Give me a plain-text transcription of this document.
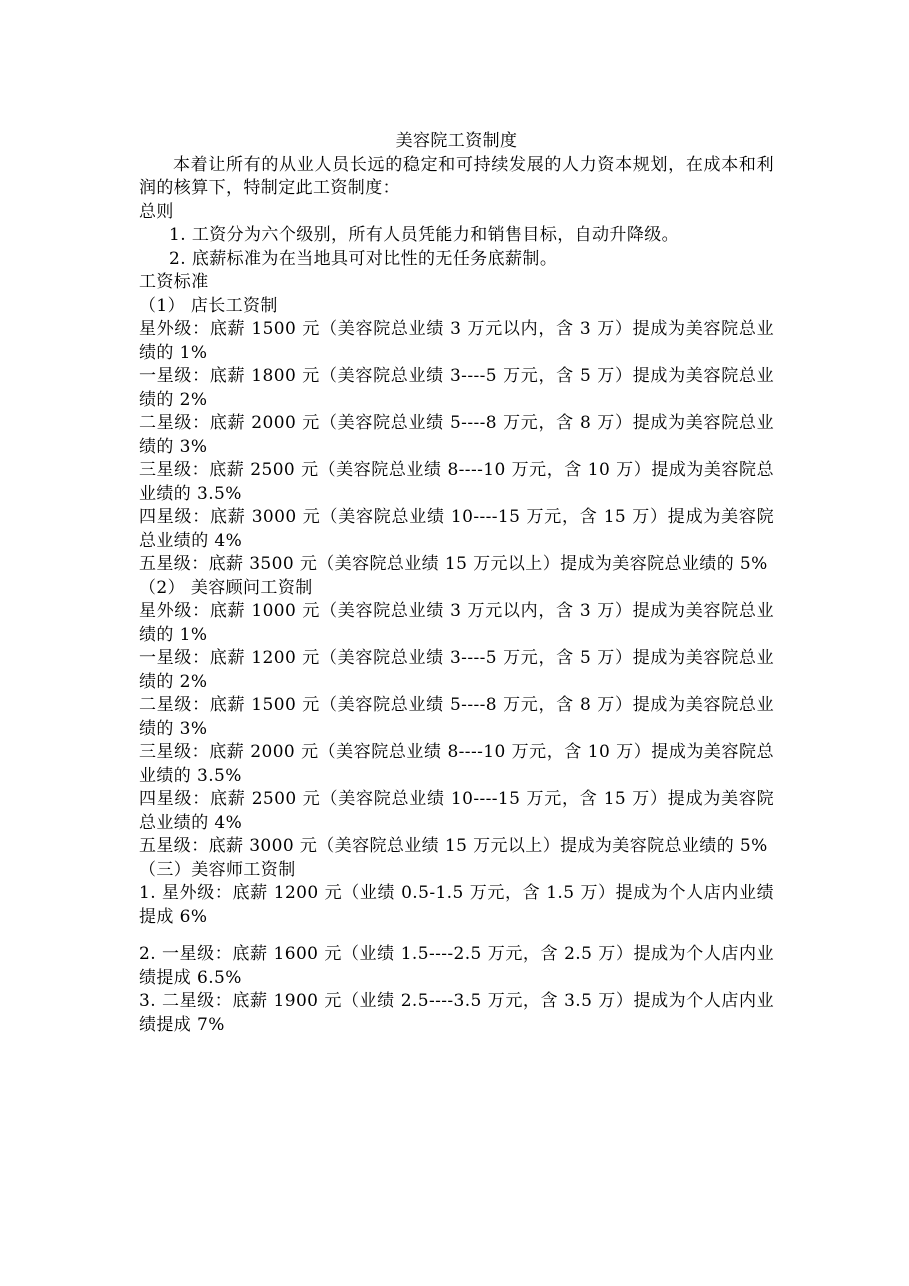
美容院工资制度

本着让所有的从业人员长远的稳定和可持续发展的人力资本规划，在成本和利润的核算下，特制定此工资制度：

总则

1. 工资分为六个级别，所有人员凭能力和销售目标，自动升降级。

2. 底薪标准为在当地具可对比性的无任务底薪制。

工资标准

（1） 店长工资制

星外级：底薪 1500 元（美容院总业绩 3 万元以内，含 3 万）提成为美容院总业绩的 1%

一星级：底薪 1800 元（美容院总业绩 3----5 万元，含 5 万）提成为美容院总业绩的 2%

二星级：底薪 2000 元（美容院总业绩 5----8 万元，含 8 万）提成为美容院总业绩的 3%

三星级：底薪 2500 元（美容院总业绩 8----10 万元，含 10 万）提成为美容院总业绩的 3.5%

四星级：底薪 3000 元（美容院总业绩 10----15 万元，含 15 万）提成为美容院总业绩的 4%

五星级：底薪 3500 元（美容院总业绩 15 万元以上）提成为美容院总业绩的 5%

（2） 美容顾问工资制

星外级：底薪 1000 元（美容院总业绩 3 万元以内，含 3 万）提成为美容院总业绩的 1%

一星级：底薪 1200 元（美容院总业绩 3----5 万元，含 5 万）提成为美容院总业绩的 2%

二星级：底薪 1500 元（美容院总业绩 5----8 万元，含 8 万）提成为美容院总业绩的 3%

三星级：底薪 2000 元（美容院总业绩 8----10 万元，含 10 万）提成为美容院总业绩的 3.5%

四星级：底薪 2500 元（美容院总业绩 10----15 万元，含 15 万）提成为美容院总业绩的 4%

五星级：底薪 3000 元（美容院总业绩 15 万元以上）提成为美容院总业绩的 5%

（三）美容师工资制

1. 星外级：底薪 1200 元（业绩 0.5-1.5 万元，含 1.5 万）提成为个人店内业绩提成 6%

2. 一星级：底薪 1600 元（业绩 1.5----2.5 万元，含 2.5 万）提成为个人店内业绩提成 6.5%

3. 二星级：底薪 1900 元（业绩 2.5----3.5 万元，含 3.5 万）提成为个人店内业绩提成 7%
